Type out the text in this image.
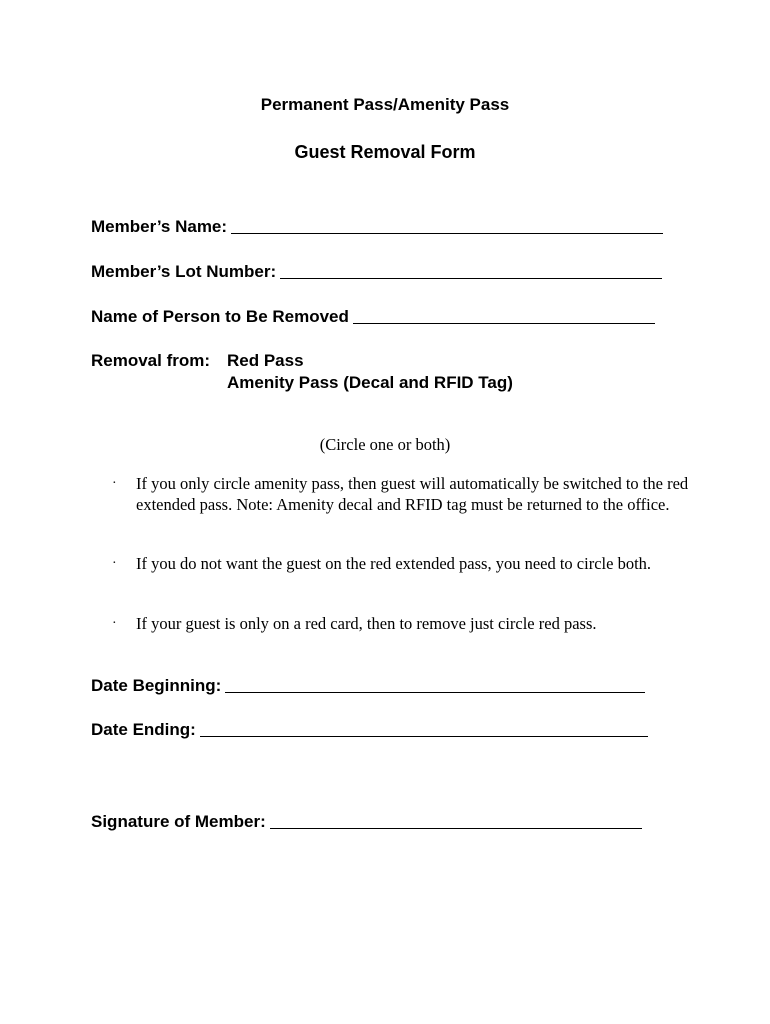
Permanent Pass/Amenity Pass
Guest Removal Form
Member’s Name:
Member’s Lot Number:
Name of Person to Be Removed
Removal from: Red Pass
Amenity Pass (Decal and RFID Tag)
(Circle one or both)
· If you only circle amenity pass, then guest will automatically be switched to the red extended pass. Note: Amenity decal and RFID tag must be returned to the office.
· If you do not want the guest on the red extended pass, you need to circle both.
· If your guest is only on a red card, then to remove just circle red pass.
Date Beginning:
Date Ending:
Signature of Member:
